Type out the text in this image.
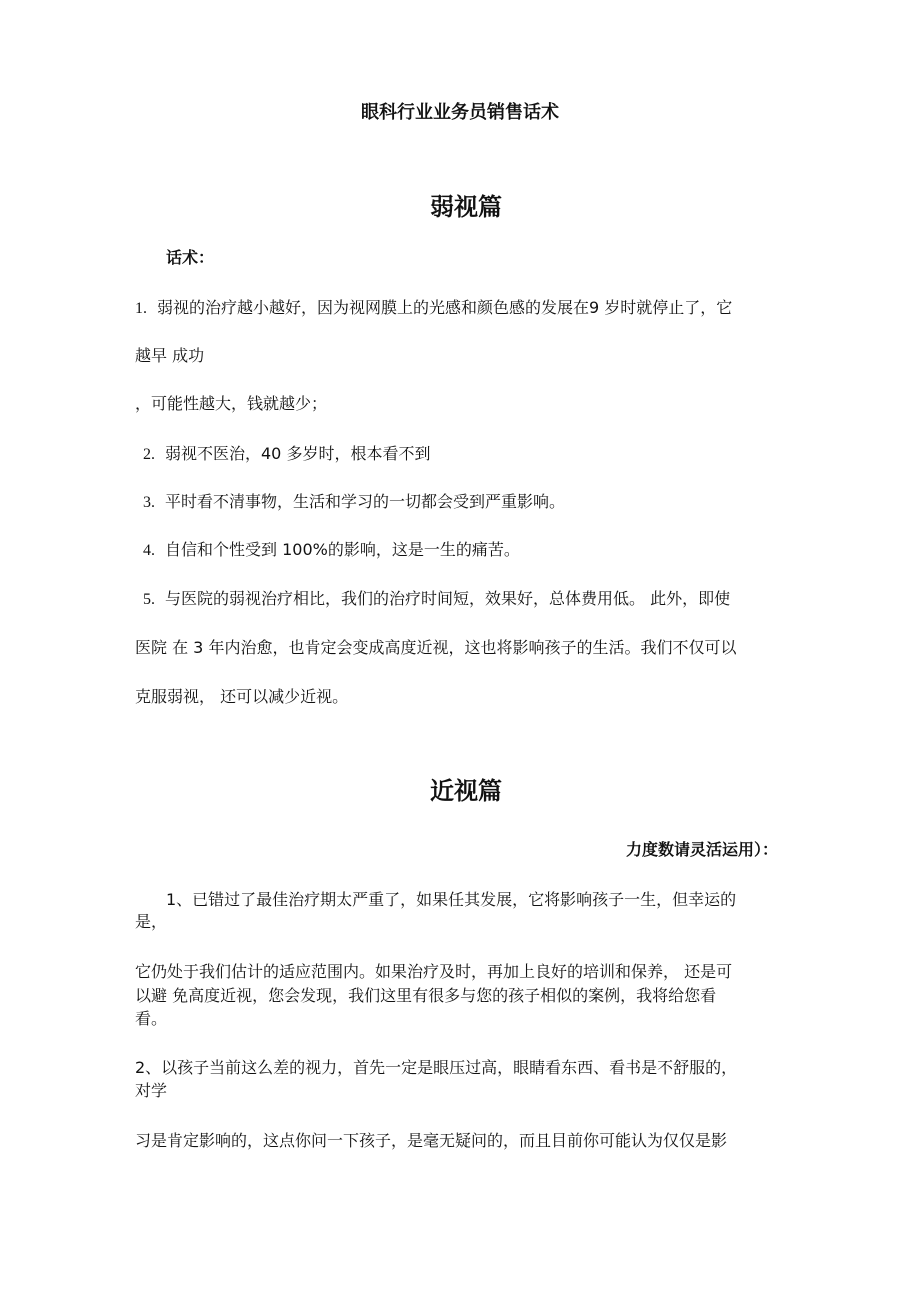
眼科行业业务员销售话术
弱视篇
话术：
1. 弱视的治疗越小越好，因为视网膜上的光感和颜色感的发展在9 岁时就停止了，它
越早 成功
，可能性越大，钱就越少；
2. 弱视不医治，40 多岁时，根本看不到
3. 平时看不清事物，生活和学习的一切都会受到严重影响。
4. 自信和个性受到 100%的影响，这是一生的痛苦。
5. 与医院的弱视治疗相比，我们的治疗时间短，效果好，总体费用低。 此外，即使
医院 在 3 年内治愈，也肯定会变成高度近视，这也将影响孩子的生活。我们不仅可以
克服弱视， 还可以减少近视。
近视篇
力度数请灵活运用）：
1、已错过了最佳治疗期太严重了，如果任其发展，它将影响孩子一生，但幸运的
是，
它仍处于我们估计的适应范围内。如果治疗及时，再加上良好的培训和保养， 还是可
以避 免高度近视，您会发现，我们这里有很多与您的孩子相似的案例，我将给您看
看。
2、以孩子当前这么差的视力，首先一定是眼压过高，眼睛看东西、看书是不舒服的，
对学
习是肯定影响的，这点你问一下孩子，是毫无疑问的，而且目前你可能认为仅仅是影
